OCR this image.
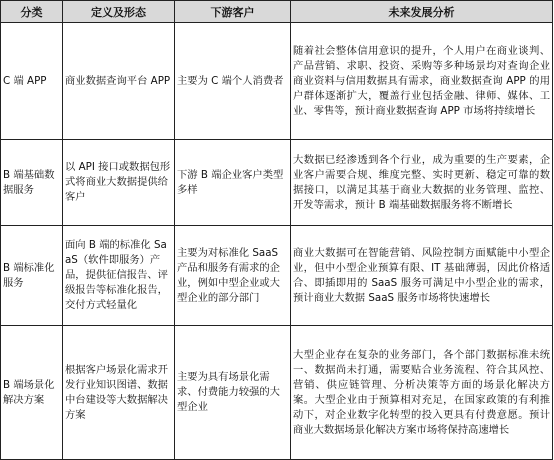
分类	定义及形态	下游客户	未来发展分析
C 端 APP	商业数据查询平台 APP	主要为 C 端个人消费者	随着社会整体信用意识的提升，个人用户在商业谈判、产品营销、求职、投资、采购等多种场景均对查询企业商业资料与信用数据具有需求，商业数据查询 APP 的用户群体逐渐扩大，覆盖行业包括金融、律师、媒体、工业、零售等，预计商业数据查询 APP 市场将持续增长
B 端基础数据服务	以 API 接口或数据包形式将商业大数据提供给客户	下游 B 端企业客户类型多样	大数据已经渗透到各个行业，成为重要的生产要素，企业客户需要合规、维度完整、实时更新、稳定可靠的数据接口，以满足其基于商业大数据的业务管理、监控、开发等需求，预计 B 端基础数据服务将不断增长
B 端标准化服务	面向 B 端的标准化 SaaS（软件即服务）产品，提供征信报告、评级报告等标准化报告，交付方式轻量化	主要为对标准化 SaaS 产品和服务有需求的企业，例如中型企业或大型企业的部分部门	商业大数据可在智能营销、风险控制方面赋能中小型企业，但中小型企业预算有限、IT 基础薄弱，因此价格适合、即插即用的 SaaS 服务可满足中小型企业的需求，预计商业大数据 SaaS 服务市场将快速增长
B 端场景化解决方案	根据客户场景化需求开发行业知识图谱、数据中台建设等大数据解决方案	主要为具有场景化需求、付费能力较强的大型企业	大型企业存在复杂的业务部门，各个部门数据标准未统一、数据尚未打通，需要贴合业务流程、符合其风控、营销、供应链管理、分析决策等方面的场景化解决方案。大型企业由于预算相对充足，在国家政策的有利推动下，对企业数字化转型的投入更具有付费意愿。预计商业大数据场景化解决方案市场将保持高速增长
